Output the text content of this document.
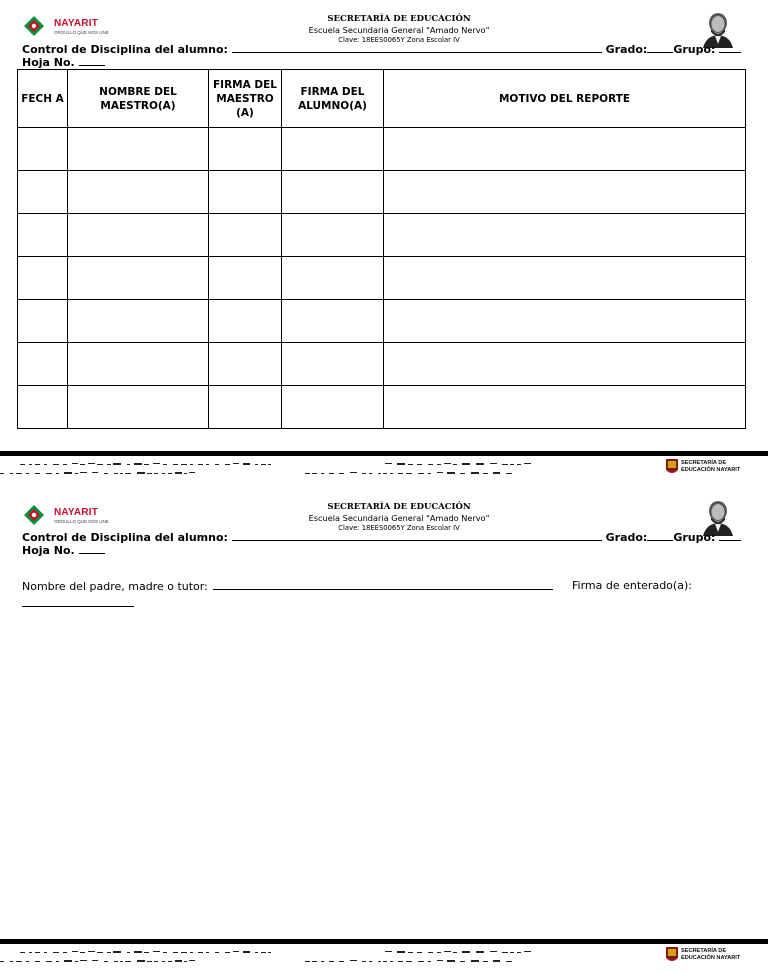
NAYARIT
ORGULLO QUE NOS UNE
SECRETARÍA DE EDUCACIÓN
Escuela Secundaria General "Amado Nervo"
Clave: 18EES0065Y Zona Escolar IV
Control de Disciplina del alumno:	Grado: Grupo:
Hoja No.
FECH A	NOMBRE DEL MAESTRO(A)	FIRMA DEL MAESTRO (A)	FIRMA DEL ALUMNO(A)	MOTIVO DEL REPORTE

SECRETARÍA DE
EDUCACIÓN NAYARIT
NAYARIT
ORGULLO QUE NOS UNE
SECRETARÍA DE EDUCACIÓN
Escuela Secundaria General "Amado Nervo"
Clave: 18EES0065Y Zona Escolar IV
Control de Disciplina del alumno:	Grado: Grupo:
Hoja No.
Nombre del padre, madre o tutor:	Firma de enterado(a):
SECRETARÍA DE
EDUCACIÓN NAYARIT
